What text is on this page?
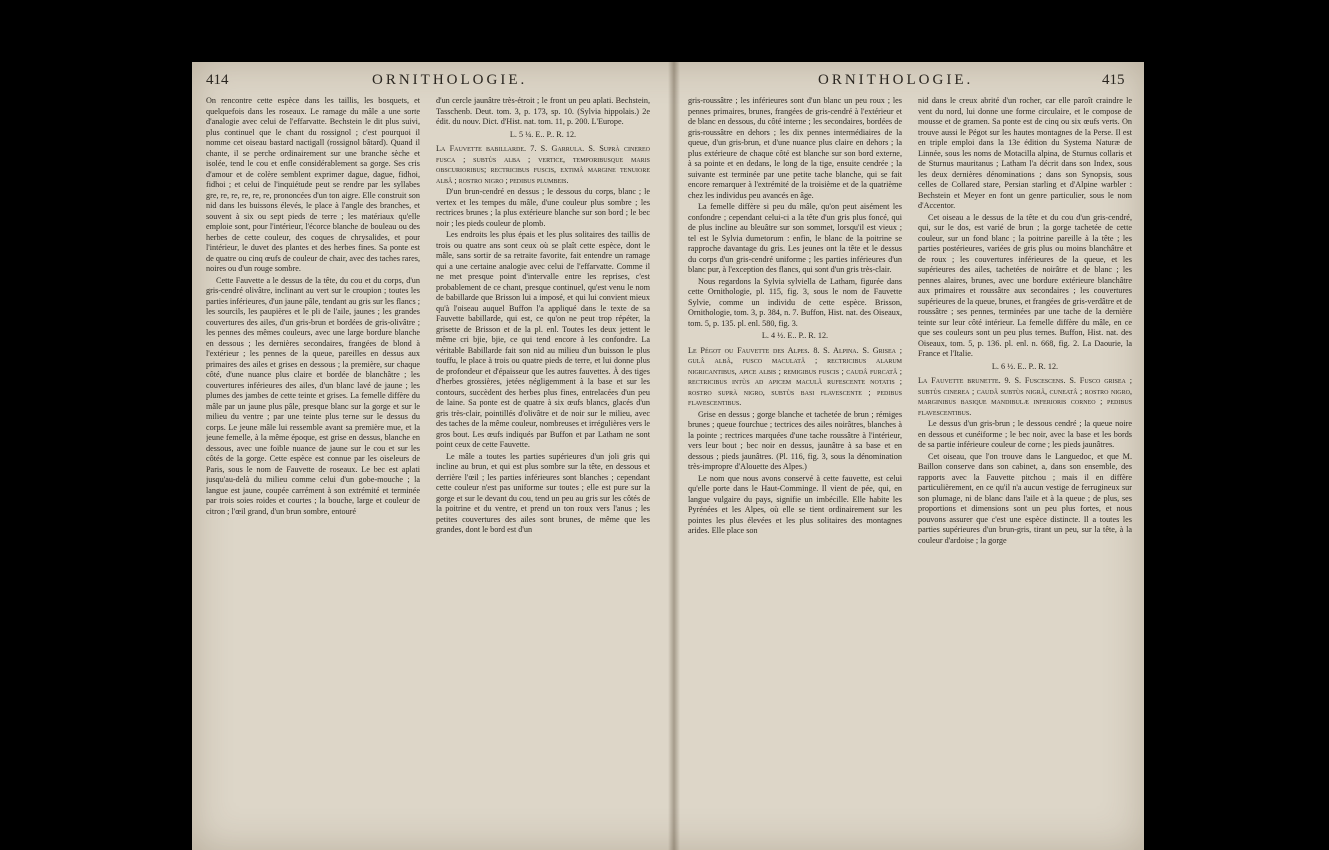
414	ORNITHOLOGIE.

On rencontre cette espèce dans les taillis, les bosquets, et quelquefois dans les roseaux. Le ramage du mâle a une sorte d'analogie avec celui de l'effarvatte. Bechstein le dit plus suivi, plus continuel que le chant du rossignol ; c'est pourquoi il nomme cet oiseau bastard nactigall (rossignol bâtard). Quand il chante, il se perche ordinairement sur une branche sèche et isolée, tend le cou et enfle considérablement sa gorge. Ses cris d'amour et de colère semblent exprimer dague, dague, fidhoi, fidhoi ; et celui de l'inquiétude peut se rendre par les syllabes gre, re, re, re, re, re, prononcées d'un ton aigre. Elle construit son nid dans les buissons élevés, le place à l'angle des branches, et souvent à six ou sept pieds de terre ; les matériaux qu'elle emploie sont, pour l'intérieur, l'écorce blanche de bouleau ou des herbes de cette couleur, des coques de chrysalides, et pour l'intérieur, le duvet des plantes et des herbes fines. Sa ponte est de quatre ou cinq œufs de couleur de chair, avec des taches rares, noires ou d'un rouge sombre.

Cette Fauvette a le dessus de la tête, du cou et du corps, d'un gris-cendré olivâtre, inclinant au vert sur le croupion ; toutes les parties inférieures, d'un jaune pâle, tendant au gris sur les flancs ; les sourcils, les paupières et le pli de l'aile, jaunes ; les grandes couvertures des ailes, d'un gris-brun et bordées de gris-olivâtre ; les pennes des mêmes couleurs, avec une large bordure blanche en dessous ; les dernières secondaires, frangées de blond à l'extérieur ; les pennes de la queue, pareilles en dessus aux primaires des ailes et grises en dessous ; la première, sur chaque côté, d'une nuance plus claire et bordée de blanchâtre ; les couvertures inférieures des ailes, d'un blanc lavé de jaune ; les plumes des jambes de cette teinte et grises. La femelle diffère du mâle par un jaune plus pâle, presque blanc sur la gorge et sur le milieu du ventre ; par une teinte plus terne sur le dessus du corps. Le jeune mâle lui ressemble avant sa première mue, et la jeune femelle, à la même époque, est grise en dessus, blanche en dessous, avec une foible nuance de jaune sur le cou et sur les côtés de la gorge. Cette espèce est connue par les oiseleurs de Paris, sous le nom de Fauvette de roseaux. Le bec est aplati jusqu'au-delà du milieu comme celui d'un gobe-mouche ; la langue est jaune, coupée carrément à son extrémité et terminée par trois soies roides et courtes ; la bouche, large et couleur de citron ; l'œil grand, d'un brun sombre, entouré

d'un cercle jaunâtre très-étroit ; le front un peu aplati. Bechstein, Tasschenb. Deut. tom. 3, p. 173, sp. 10. (Sylvia hippolais.) 2e édit. du nouv. Dict. d'Hist. nat. tom. 11, p. 200. L'Europe.

L. 5 ¼. E.. P.. R. 12.

La Fauvette babillarde. 7. S. Garrula. S. Suprà cinereo fusca ; subtùs alba ; vertice, temporibusque maris obscurioribus; rectricibus fuscis, extimâ margine tenuiore albâ ; rostro nigro ; pedibus plumbeis.

D'un brun-cendré en dessus ; le dessous du corps, blanc ; le vertex et les tempes du mâle, d'une couleur plus sombre ; les rectrices brunes ; la plus extérieure blanche sur son bord ; le bec noir ; les pieds couleur de plomb.

Les endroits les plus épais et les plus solitaires des taillis de trois ou quatre ans sont ceux où se plaît cette espèce, dont le mâle, sans sortir de sa retraite favorite, fait entendre un ramage qui a une certaine analogie avec celui de l'effarvatte. Comme il ne met presque point d'intervalle entre les reprises, c'est probablement de ce chant, presque continuel, qu'est venu le nom de babillarde que Brisson lui a imposé, et qui lui convient mieux qu'à l'oiseau auquel Buffon l'a appliqué dans le texte de sa Fauvette babillarde, qui est, ce qu'on ne peut trop répéter, la grisette de Brisson et de la pl. enl. Toutes les deux jettent le même cri bjie, bjie, ce qui tend encore à les confondre. La véritable Babillarde fait son nid au milieu d'un buisson le plus touffu, le place à trois ou quatre pieds de terre, et lui donne plus de profondeur et d'épaisseur que les autres fauvettes. À des tiges d'herbes grossières, jetées négligemment à la base et sur les contours, succèdent des herbes plus fines, entrelacées d'un peu de laine. Sa ponte est de quatre à six œufs blancs, glacés d'un gris très-clair, pointillés d'olivâtre et de noir sur le milieu, avec des taches de la même couleur, nombreuses et irrégulières vers le gros bout. Les œufs indiqués par Buffon et par Latham ne sont point ceux de cette Fauvette.

Le mâle a toutes les parties supérieures d'un joli gris qui incline au brun, et qui est plus sombre sur la tête, en dessous et derrière l'œil ; les parties inférieures sont blanches ; cependant cette couleur n'est pas uniforme sur toutes ; elle est pure sur la gorge et sur le devant du cou, tend un peu au gris sur les côtés de la poitrine et du ventre, et prend un ton roux vers l'anus ; les petites couvertures des ailes sont brunes, de même que les grandes, dont le bord est d'un

ORNITHOLOGIE.	415

gris-roussâtre ; les inférieures sont d'un blanc un peu roux ; les pennes primaires, brunes, frangées de gris-cendré à l'extérieur et de blanc en dessous, du côté interne ; les secondaires, bordées de gris-roussâtre en dehors ; les dix pennes intermédiaires de la queue, d'un gris-brun, et d'une nuance plus claire en dehors ; la plus extérieure de chaque côté est blanche sur son bord externe, à sa pointe et en dedans, le long de la tige, ensuite cendrée ; la suivante est terminée par une petite tache blanche, qui se fait encore remarquer à l'extrémité de la troisième et de la quatrième chez les individus peu avancés en âge.

La femelle diffère si peu du mâle, qu'on peut aisément les confondre ; cependant celui-ci a la tête d'un gris plus foncé, qui de plus incline au bleuâtre sur son sommet, lorsqu'il est vieux ; tel est le Sylvia dumetorum : enfin, le blanc de la poitrine se rapproche davantage du gris. Les jeunes ont la tête et le dessus du corps d'un gris-cendré uniforme ; les parties inférieures d'un blanc pur, à l'exception des flancs, qui sont d'un gris très-clair.

Nous regardons la Sylvia sylviella de Latham, figurée dans cette Ornithologie, pl. 115, fig. 3, sous le nom de Fauvette Sylvie, comme un individu de cette espèce. Brisson, Ornithologie, tom. 3, p. 384, n. 7. Buffon, Hist. nat. des Oiseaux, tom. 5, p. 135. pl. enl. 580, fig. 3.

L. 4 ½. E.. P.. R. 12.

Le Pégot ou Fauvette des Alpes. 8. S. Alpina. S. Grisea ; gulâ albâ, fusco maculatâ ; rectricibus alarum nigricantibus, apice albis ; remigibus fuscis ; caudâ furcatâ ; rectricibus intùs ad apicem maculâ rufescente notatis ; rostro suprà nigro, subtùs basi flavescente ; pedibus flavescentibus.

Grise en dessus ; gorge blanche et tachetée de brun ; rémiges brunes ; queue fourchue ; tectrices des ailes noirâtres, blanches à la pointe ; rectrices marquées d'une tache roussâtre à l'intérieur, vers leur bout ; bec noir en dessus, jaunâtre à sa base et en dessous ; pieds jaunâtres. (Pl. 116, fig. 3, sous la dénomination très-impropre d'Alouette des Alpes.)

Le nom que nous avons conservé à cette fauvette, est celui qu'elle porte dans le Haut-Comminge. Il vient de pée, qui, en langue vulgaire du pays, signifie un imbécille. Elle habite les Pyrénées et les Alpes, où elle se tient ordinairement sur les pointes les plus élevées et les plus solitaires des montagnes arides. Elle place son

nid dans le creux abrité d'un rocher, car elle paroît craindre le vent du nord, lui donne une forme circulaire, et le compose de mousse et de gramen. Sa ponte est de cinq ou six œufs verts. On trouve aussi le Pégot sur les hautes montagnes de la Perse. Il est en triple emploi dans la 13e édition du Systema Naturæ de Linnée, sous les noms de Motacilla alpina, de Sturnus collaris et de Sturnus mauritanus ; Latham l'a décrit dans son Index, sous les deux dernières dénominations ; dans son Synopsis, sous celles de Collared stare, Persian starling et d'Alpine warbler : Bechstein et Meyer en font un genre particulier, sous le nom d'Accentor.

Cet oiseau a le dessus de la tête et du cou d'un gris-cendré, qui, sur le dos, est varié de brun ; la gorge tachetée de cette couleur, sur un fond blanc ; la poitrine pareille à la tête ; les parties postérieures, variées de gris plus ou moins blanchâtre et de roux ; les couvertures inférieures de la queue, et les supérieures des ailes, tachetées de noirâtre et de blanc ; les pennes alaires, brunes, avec une bordure extérieure blanchâtre aux primaires et roussâtre aux secondaires ; les couvertures supérieures de la queue, brunes, et frangées de gris-verdâtre et de roussâtre ; ses pennes, terminées par une tache de la dernière teinte sur leur côté intérieur. La femelle diffère du mâle, en ce que ses couleurs sont un peu plus ternes. Buffon, Hist. nat. des Oiseaux, tom. 5, p. 136. pl. enl. n. 668, fig. 2. La Daourie, la France et l'Italie.

L. 6 ½. E.. P.. R. 12.

La Fauvette brunette. 9. S. Fuscescens. S. Fusco grisea ; subtùs cinerea ; caudâ subtùs nigrâ, cuneatâ ; rostro nigro, marginibus basique mandibulæ inferioris corneo ; pedibus flavescentibus.

Le dessus d'un gris-brun ; le dessous cendré ; la queue noire en dessous et cunéiforme ; le bec noir, avec la base et les bords de sa partie inférieure couleur de corne ; les pieds jaunâtres.

Cet oiseau, que l'on trouve dans le Languedoc, et que M. Baillon conserve dans son cabinet, a, dans son ensemble, des rapports avec la Fauvette pitchou ; mais il en diffère particulièrement, en ce qu'il n'a aucun vestige de ferrugineux sur son plumage, ni de blanc dans l'aile et à la queue ; de plus, ses proportions et dimensions sont un peu plus fortes, et nous pouvons assurer que c'est une espèce distincte. Il a toutes les parties supérieures d'un brun-gris, tirant un peu, sur la tête, à la couleur d'ardoise ; la gorge
